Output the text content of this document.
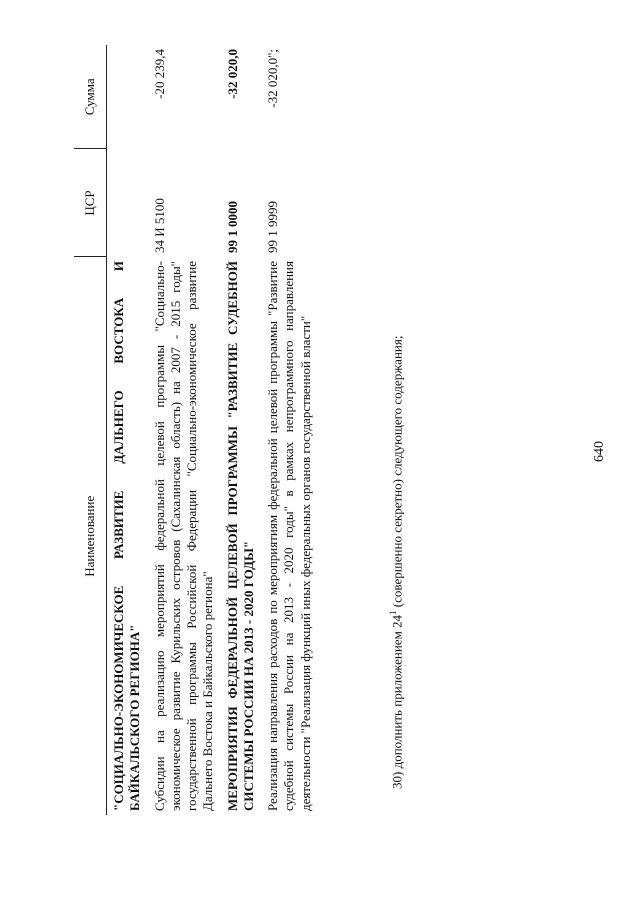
640
Наименование	ЦСР	Сумма
"СОЦИАЛЬНО-ЭКОНОМИЧЕСКОЕ РАЗВИТИЕ ДАЛЬНЕГО ВОСТОКА И БАЙКАЛЬСКОГО РЕГИОНА"		
Субсидии на реализацию мероприятий федеральной целевой программы "Социально-экономическое развитие Курильских островов (Сахалинская область) на 2007 - 2015 годы" государственной программы Российской Федерации "Социально-экономическое развитие Дальнего Востока и Байкальского региона"	34 И 5100	-20 239,4
МЕРОПРИЯТИЯ ФЕДЕРАЛЬНОЙ ЦЕЛЕВОЙ ПРОГРАММЫ "РАЗВИТИЕ СУДЕБНОЙ СИСТЕМЫ РОССИИ НА 2013 - 2020 ГОДЫ"	99 1 0000	-32 020,0
Реализация направления расходов по мероприятиям федеральной целевой программы "Развитие судебной системы России на 2013 - 2020 годы" в рамках непрограммного направления деятельности "Реализация функций иных федеральных органов государственной власти"	99 1 9999	-32 020,0";
30) дополнить приложением $24^1$ (совершенно секретно) следующего содержания;
